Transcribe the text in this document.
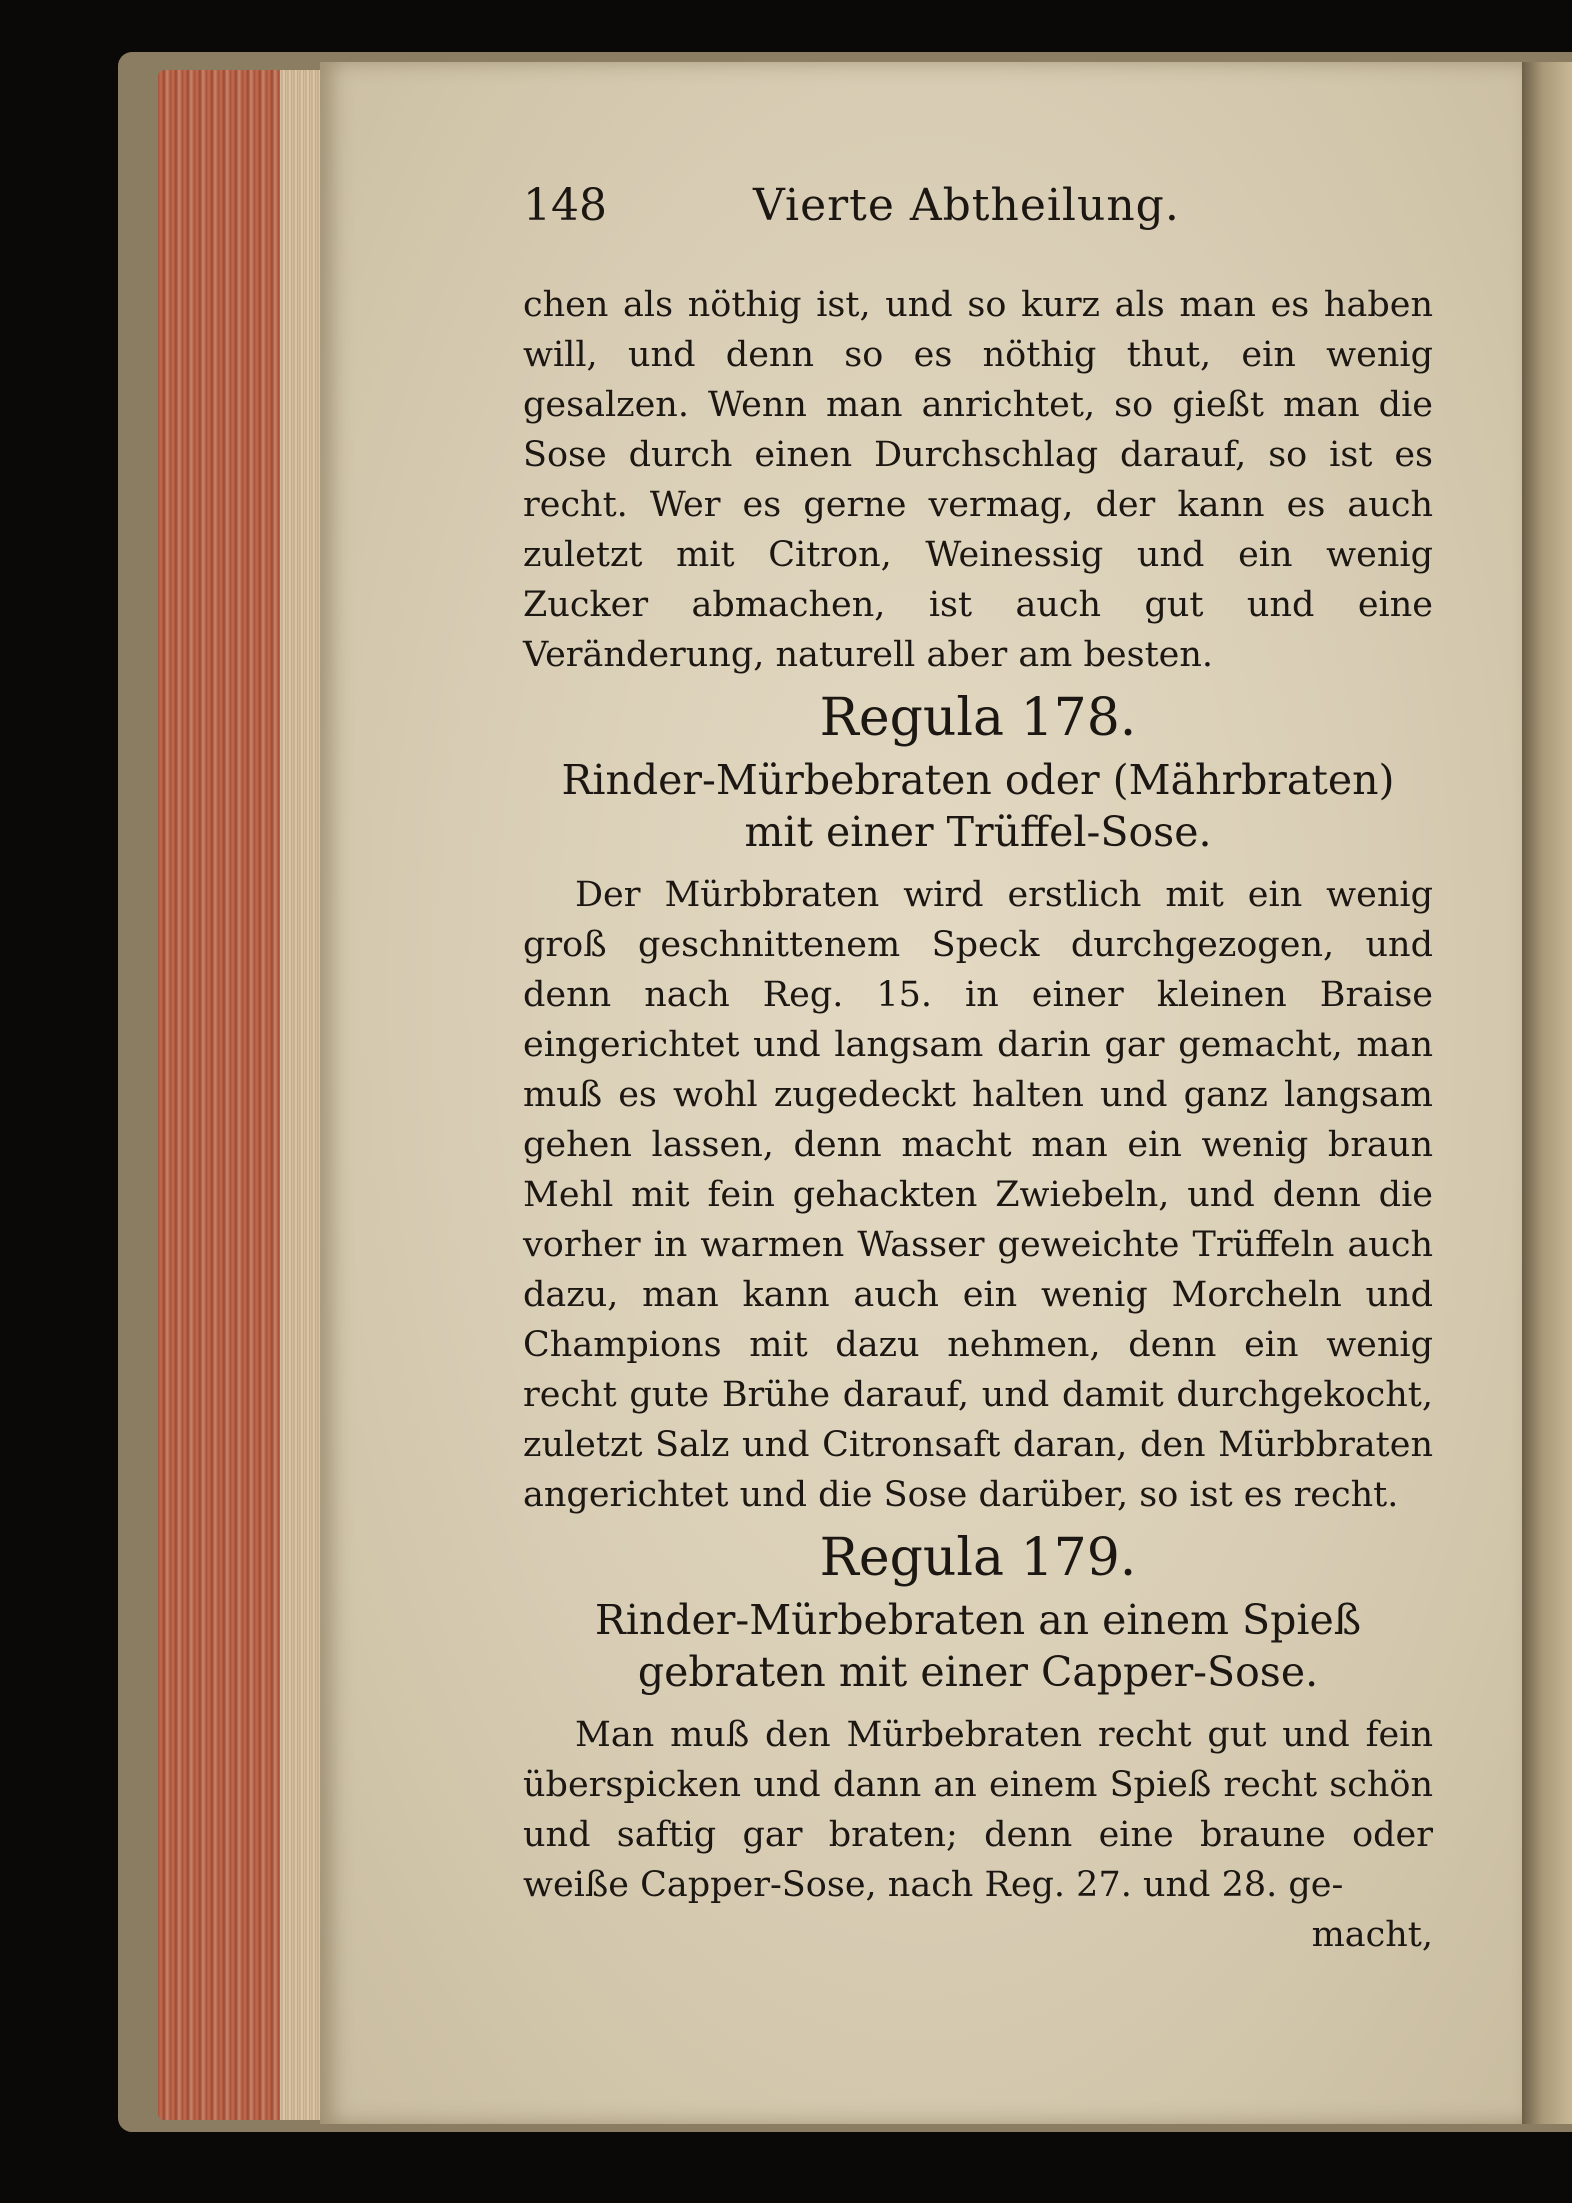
148	Vierte Abtheilung.

chen als nöthig ist, und so kurz als man es haben will, und denn so es nöthig thut, ein wenig gesalzen. Wenn man anrichtet, so gießt man die Sose durch einen Durchschlag darauf, so ist es recht. Wer es gerne vermag, der kann es auch zuletzt mit Citron, Weinessig und ein wenig Zucker abmachen, ist auch gut und eine Veränderung, naturell aber am besten.

Regula 178.
Rinder-Mürbebraten oder (Mährbraten) mit einer Trüffel-Sose.

Der Mürbbraten wird erstlich mit ein wenig groß geschnittenem Speck durchgezogen, und denn nach Reg. 15. in einer kleinen Braise eingerichtet und langsam darin gar gemacht, man muß es wohl zugedeckt halten und ganz langsam gehen lassen, denn macht man ein wenig braun Mehl mit fein gehackten Zwiebeln, und denn die vorher in warmen Wasser geweichte Trüffeln auch dazu, man kann auch ein wenig Morcheln und Champions mit dazu nehmen, denn ein wenig recht gute Brühe darauf, und damit durchgekocht, zuletzt Salz und Citronsaft daran, den Mürbbraten angerichtet und die Sose darüber, so ist es recht.

Regula 179.
Rinder-Mürbebraten an einem Spieß gebraten mit einer Capper-Sose.

Man muß den Mürbebraten recht gut und fein überspicken und dann an einem Spieß recht schön und saftig gar braten; denn eine braune oder weiße Capper-Sose, nach Reg. 27. und 28. ge-

macht,
